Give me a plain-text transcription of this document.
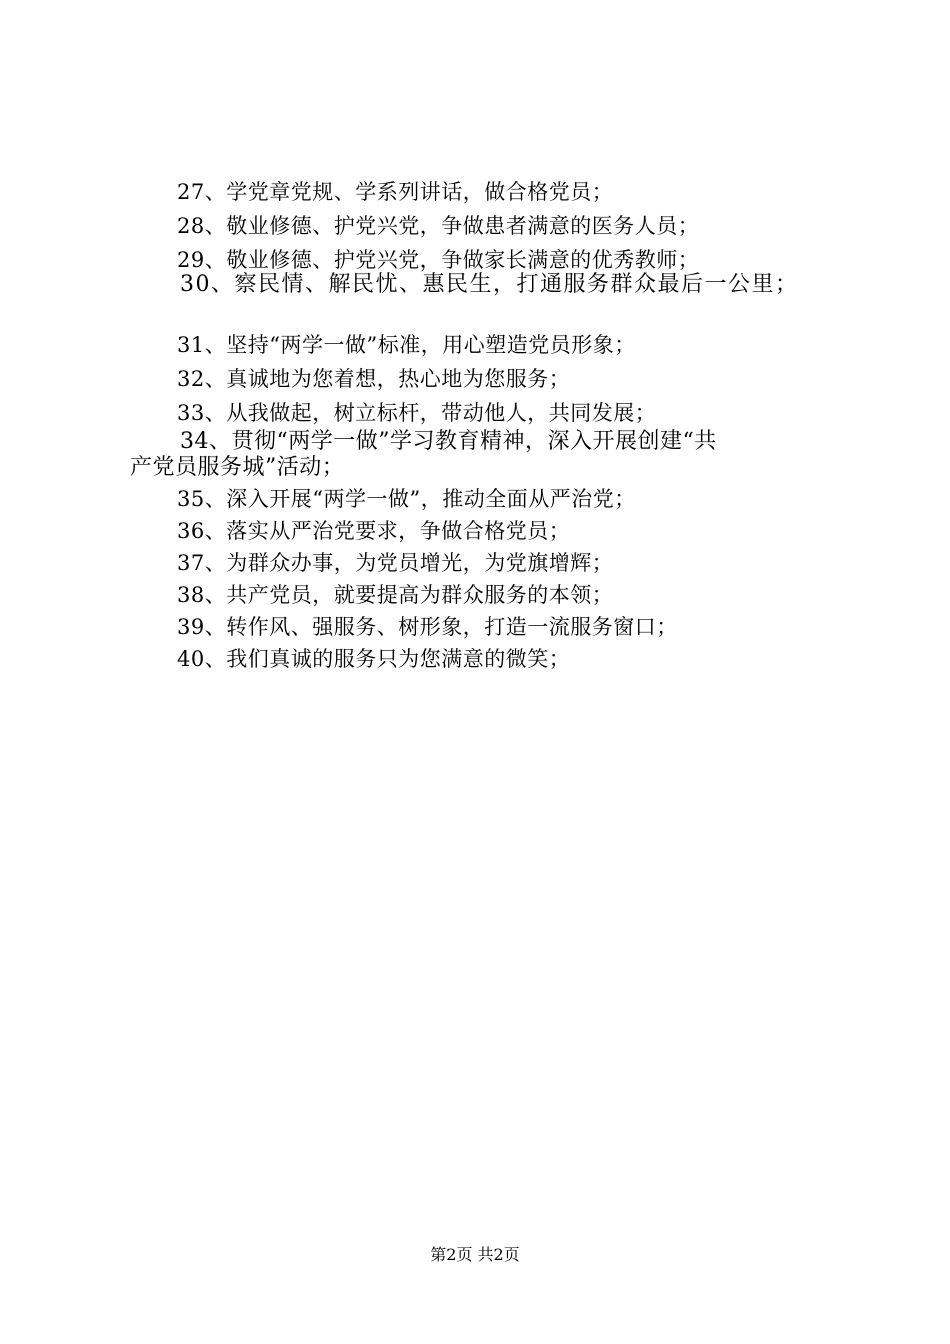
27、学党章党规、学系列讲话，做合格党员；
28、敬业修德、护党兴党，争做患者满意的医务人员；
29、敬业修德、护党兴党，争做家长满意的优秀教师；
30、察民情、解民忧、惠民生，打通服务群众最后一公里；
31、坚持“两学一做”标准，用心塑造党员形象；
32、真诚地为您着想，热心地为您服务；
33、从我做起，树立标杆，带动他人，共同发展；
34、贯彻“两学一做”学习教育精神，深入开展创建“共
产党员服务城”活动；
35、深入开展“两学一做”，推动全面从严治党；
36、落实从严治党要求，争做合格党员；
37、为群众办事，为党员增光，为党旗增辉；
38、共产党员，就要提高为群众服务的本领；
39、转作风、强服务、树形象，打造一流服务窗口；
40、我们真诚的服务只为您满意的微笑；
第2页 共2页
